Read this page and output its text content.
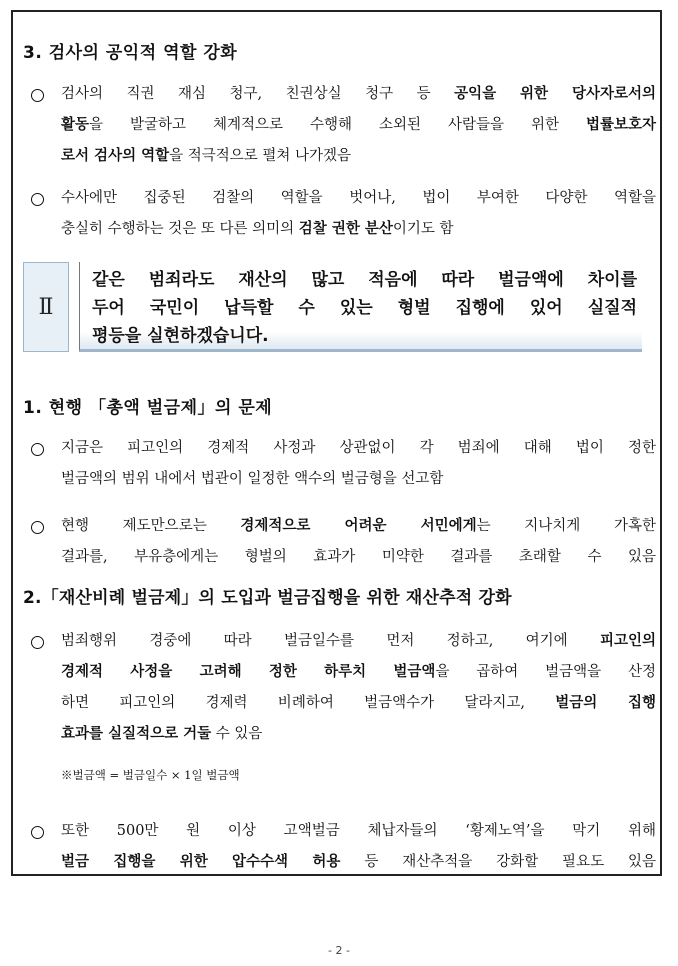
3. 검사의 공익적 역할 강화
검사의 직권 재심 청구, 친권상실 청구 등 공익을 위한 당사자로서의
활동을 발굴하고 체계적으로 수행해 소외된 사람들을 위한 법률보호자
로서 검사의 역할을 적극적으로 펼쳐 나가겠음
수사에만 집중된 검찰의 역할을 벗어나, 법이 부여한 다양한 역할을
충실히 수행하는 것은 또 다른 의미의 검찰 권한 분산이기도 함
Ⅱ
같은 범죄라도 재산의 많고 적음에 따라 벌금액에 차이를
두어 국민이 납득할 수 있는 형벌 집행에 있어 실질적
평등을 실현하겠습니다.
1. 현행 「총액 벌금제」의 문제
지금은 피고인의 경제적 사정과 상관없이 각 범죄에 대해 법이 정한
벌금액의 범위 내에서 법관이 일정한 액수의 벌금형을 선고함
현행 제도만으로는 경제적으로 어려운 서민에게는 지나치게 가혹한
결과를, 부유층에게는 형벌의 효과가 미약한 결과를 초래할 수 있음
2.「재산비례 벌금제」의 도입과 벌금집행을 위한 재산추적 강화
범죄행위 경중에 따라 벌금일수를 먼저 정하고, 여기에 피고인의
경제적 사정을 고려해 정한 하루치 벌금액을 곱하여 벌금액을 산정
하면 피고인의 경제력 비례하여 벌금액수가 달라지고, 벌금의 집행
효과를 실질적으로 거둘 수 있음
※벌금액 = 벌금일수 × 1일 벌금액
또한 500만 원 이상 고액벌금 체납자들의 ‘황제노역’을 막기 위해
벌금 집행을 위한 압수수색 허용 등 재산추적을 강화할 필요도 있음
- 2 -
